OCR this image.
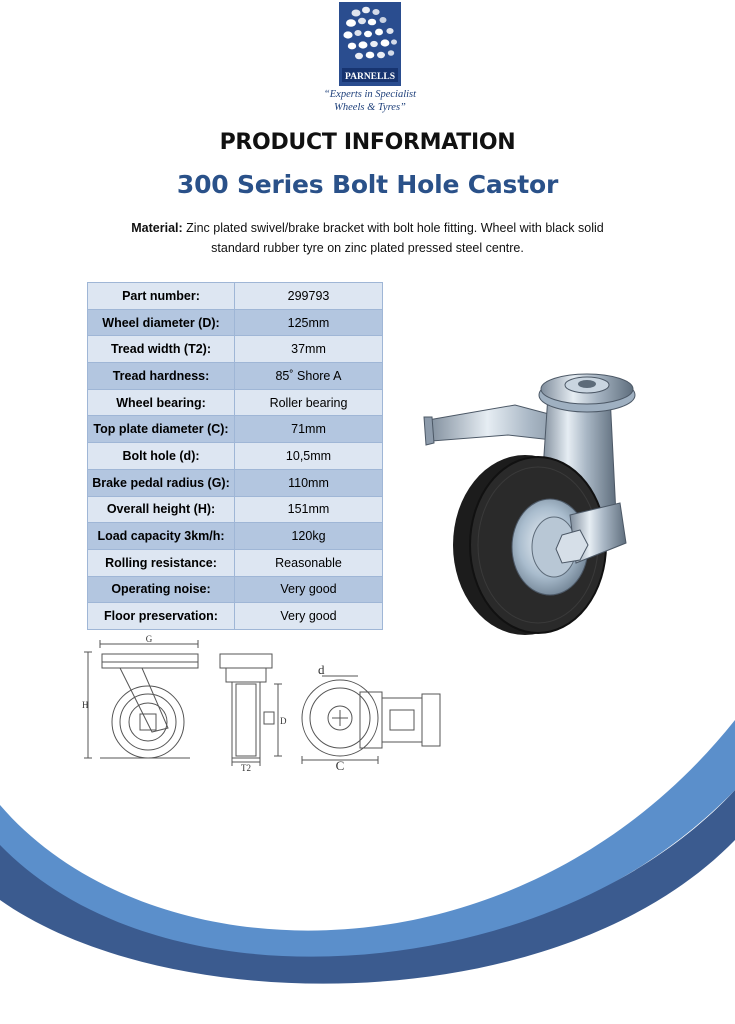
PARNELLS
“Experts in Specialist
Wheels & Tyres”
PRODUCT INFORMATION
300 Series Bolt Hole Castor
Material: Zinc plated swivel/brake bracket with bolt hole fitting. Wheel with black solid standard rubber tyre on zinc plated pressed steel centre.
Part number:	299793
Wheel diameter (D):	125mm
Tread width (T2):	37mm
Tread hardness:	85˚ Shore A
Wheel bearing:	Roller bearing
Top plate diameter (C):	71mm
Bolt hole (d):	10,5mm
Brake pedal radius (G):	110mm
Overall height (H):	151mm
Load capacity 3km/h:	120kg
Rolling resistance:	Reasonable
Operating noise:	Very good
Floor preservation:	Very good
G
H
D
T2
d
C
